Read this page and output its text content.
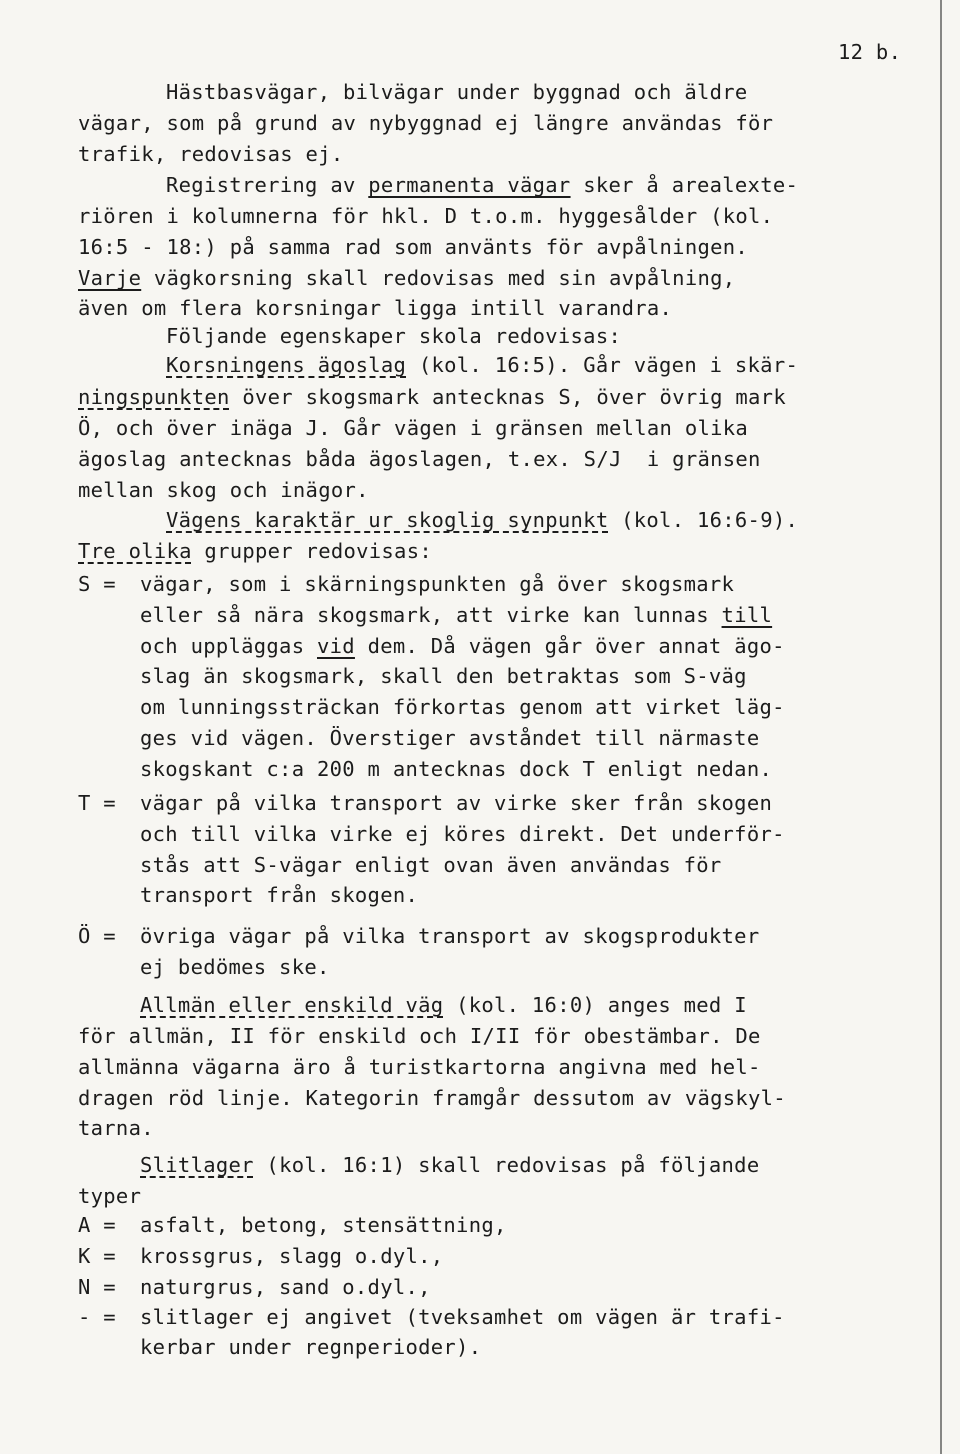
12 b.
Hästbasvägar, bilvägar under byggnad och äldre
vägar, som på grund av nybyggnad ej längre användas för
trafik, redovisas ej.
Registrering av permanenta vägar sker å arealexte-
riören i kolumnerna för hkl. D t.o.m. hyggesålder (kol.
16:5 - 18:) på samma rad som använts för avpålningen.
Varje vägkorsning skall redovisas med sin avpålning,
även om flera korsningar ligga intill varandra.
Följande egenskaper skola redovisas:
Korsningens ägoslag (kol. 16:5). Går vägen i skär-
ningspunkten över skogsmark antecknas S, över övrig mark
Ö, och över inäga J. Går vägen i gränsen mellan olika
ägoslag antecknas båda ägoslagen, t.ex. S/J  i gränsen
mellan skog och inägor.
Vägens karaktär ur skoglig synpunkt (kol. 16:6-9).
Tre olika grupper redovisas:
S = vägar, som i skärningspunkten gå över skogsmark
eller så nära skogsmark, att virke kan lunnas till
och uppläggas vid dem. Då vägen går över annat ägo-
slag än skogsmark, skall den betraktas som S-väg
om lunningssträckan förkortas genom att virket läg-
ges vid vägen. Överstiger avståndet till närmaste
skogskant c:a 200 m antecknas dock T enligt nedan.
T = vägar på vilka transport av virke sker från skogen
och till vilka virke ej köres direkt. Det underför-
stås att S-vägar enligt ovan även användas för
transport från skogen.
Ö = övriga vägar på vilka transport av skogsprodukter
ej bedömes ske.
Allmän eller enskild väg (kol. 16:0) anges med I
för allmän, II för enskild och I/II för obestämbar. De
allmänna vägarna äro å turistkartorna angivna med hel-
dragen röd linje. Kategorin framgår dessutom av vägskyl-
tarna.
Slitlager (kol. 16:1) skall redovisas på följande
typer
A = asfalt, betong, stensättning,
K = krossgrus, slagg o.dyl.,
N = naturgrus, sand o.dyl.,
- = slitlager ej angivet (tveksamhet om vägen är trafi-
kerbar under regnperioder).
